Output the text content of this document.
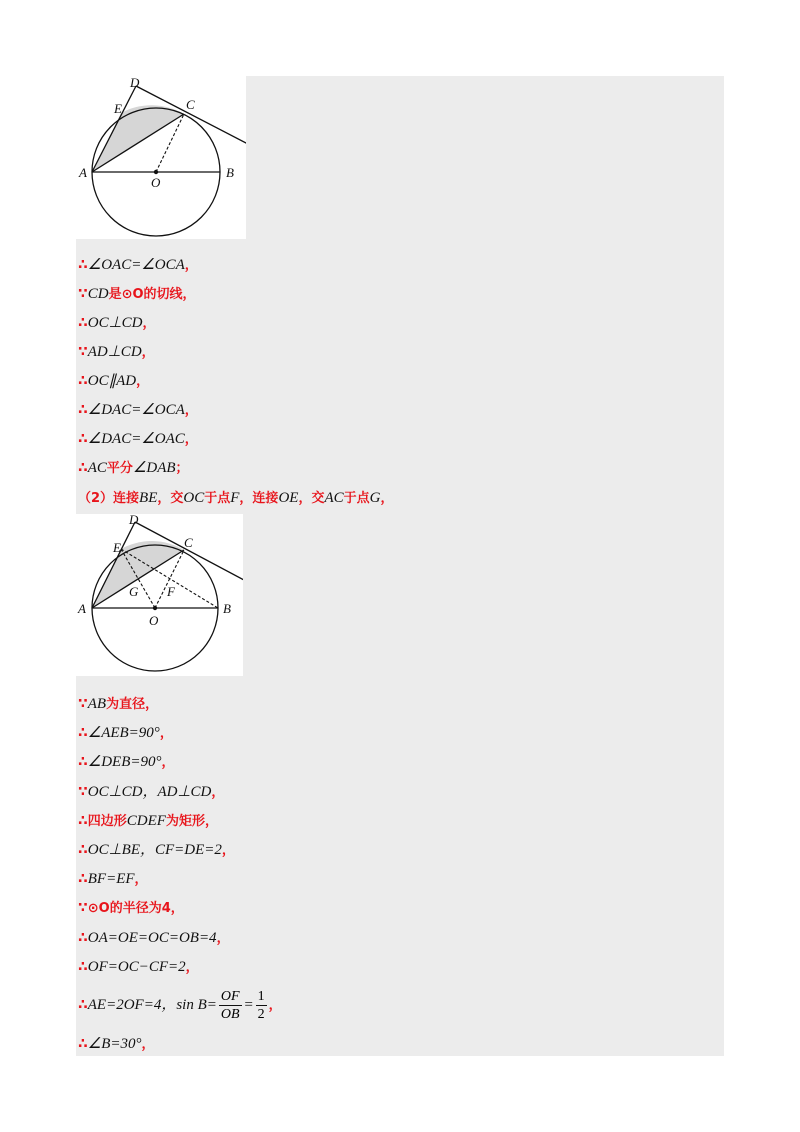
D
E	C
A
O
B
∴∠OAC=∠OCA，
∵CD是⊙O的切线，
∴OC⊥CD，
∵AD⊥CD，
∴OC∥AD，
∴∠DAC=∠OCA，
∴∠DAC=∠OAC，
∴AC平分∠DAB；
（2）连接BE，交OC于点F，连接OE，交AC于点G，
D
E	C
A
G F
O
B
∵AB为直径，
∴∠AEB=90°，
∴∠DEB=90°，
∵OC⊥CD，AD⊥CD，
∴四边形CDEF为矩形，
∴OC⊥BE，CF=DE=2，
∴BF=EF，
∵⊙O的半径为4，
∴OA=OE=OC=OB=4，
∴OF=OC−CF=2，
∴AE=2OF=4，$\sin B= \frac{OF}{OB} = \frac{1}{2}$ ，
∴∠B=30°，
